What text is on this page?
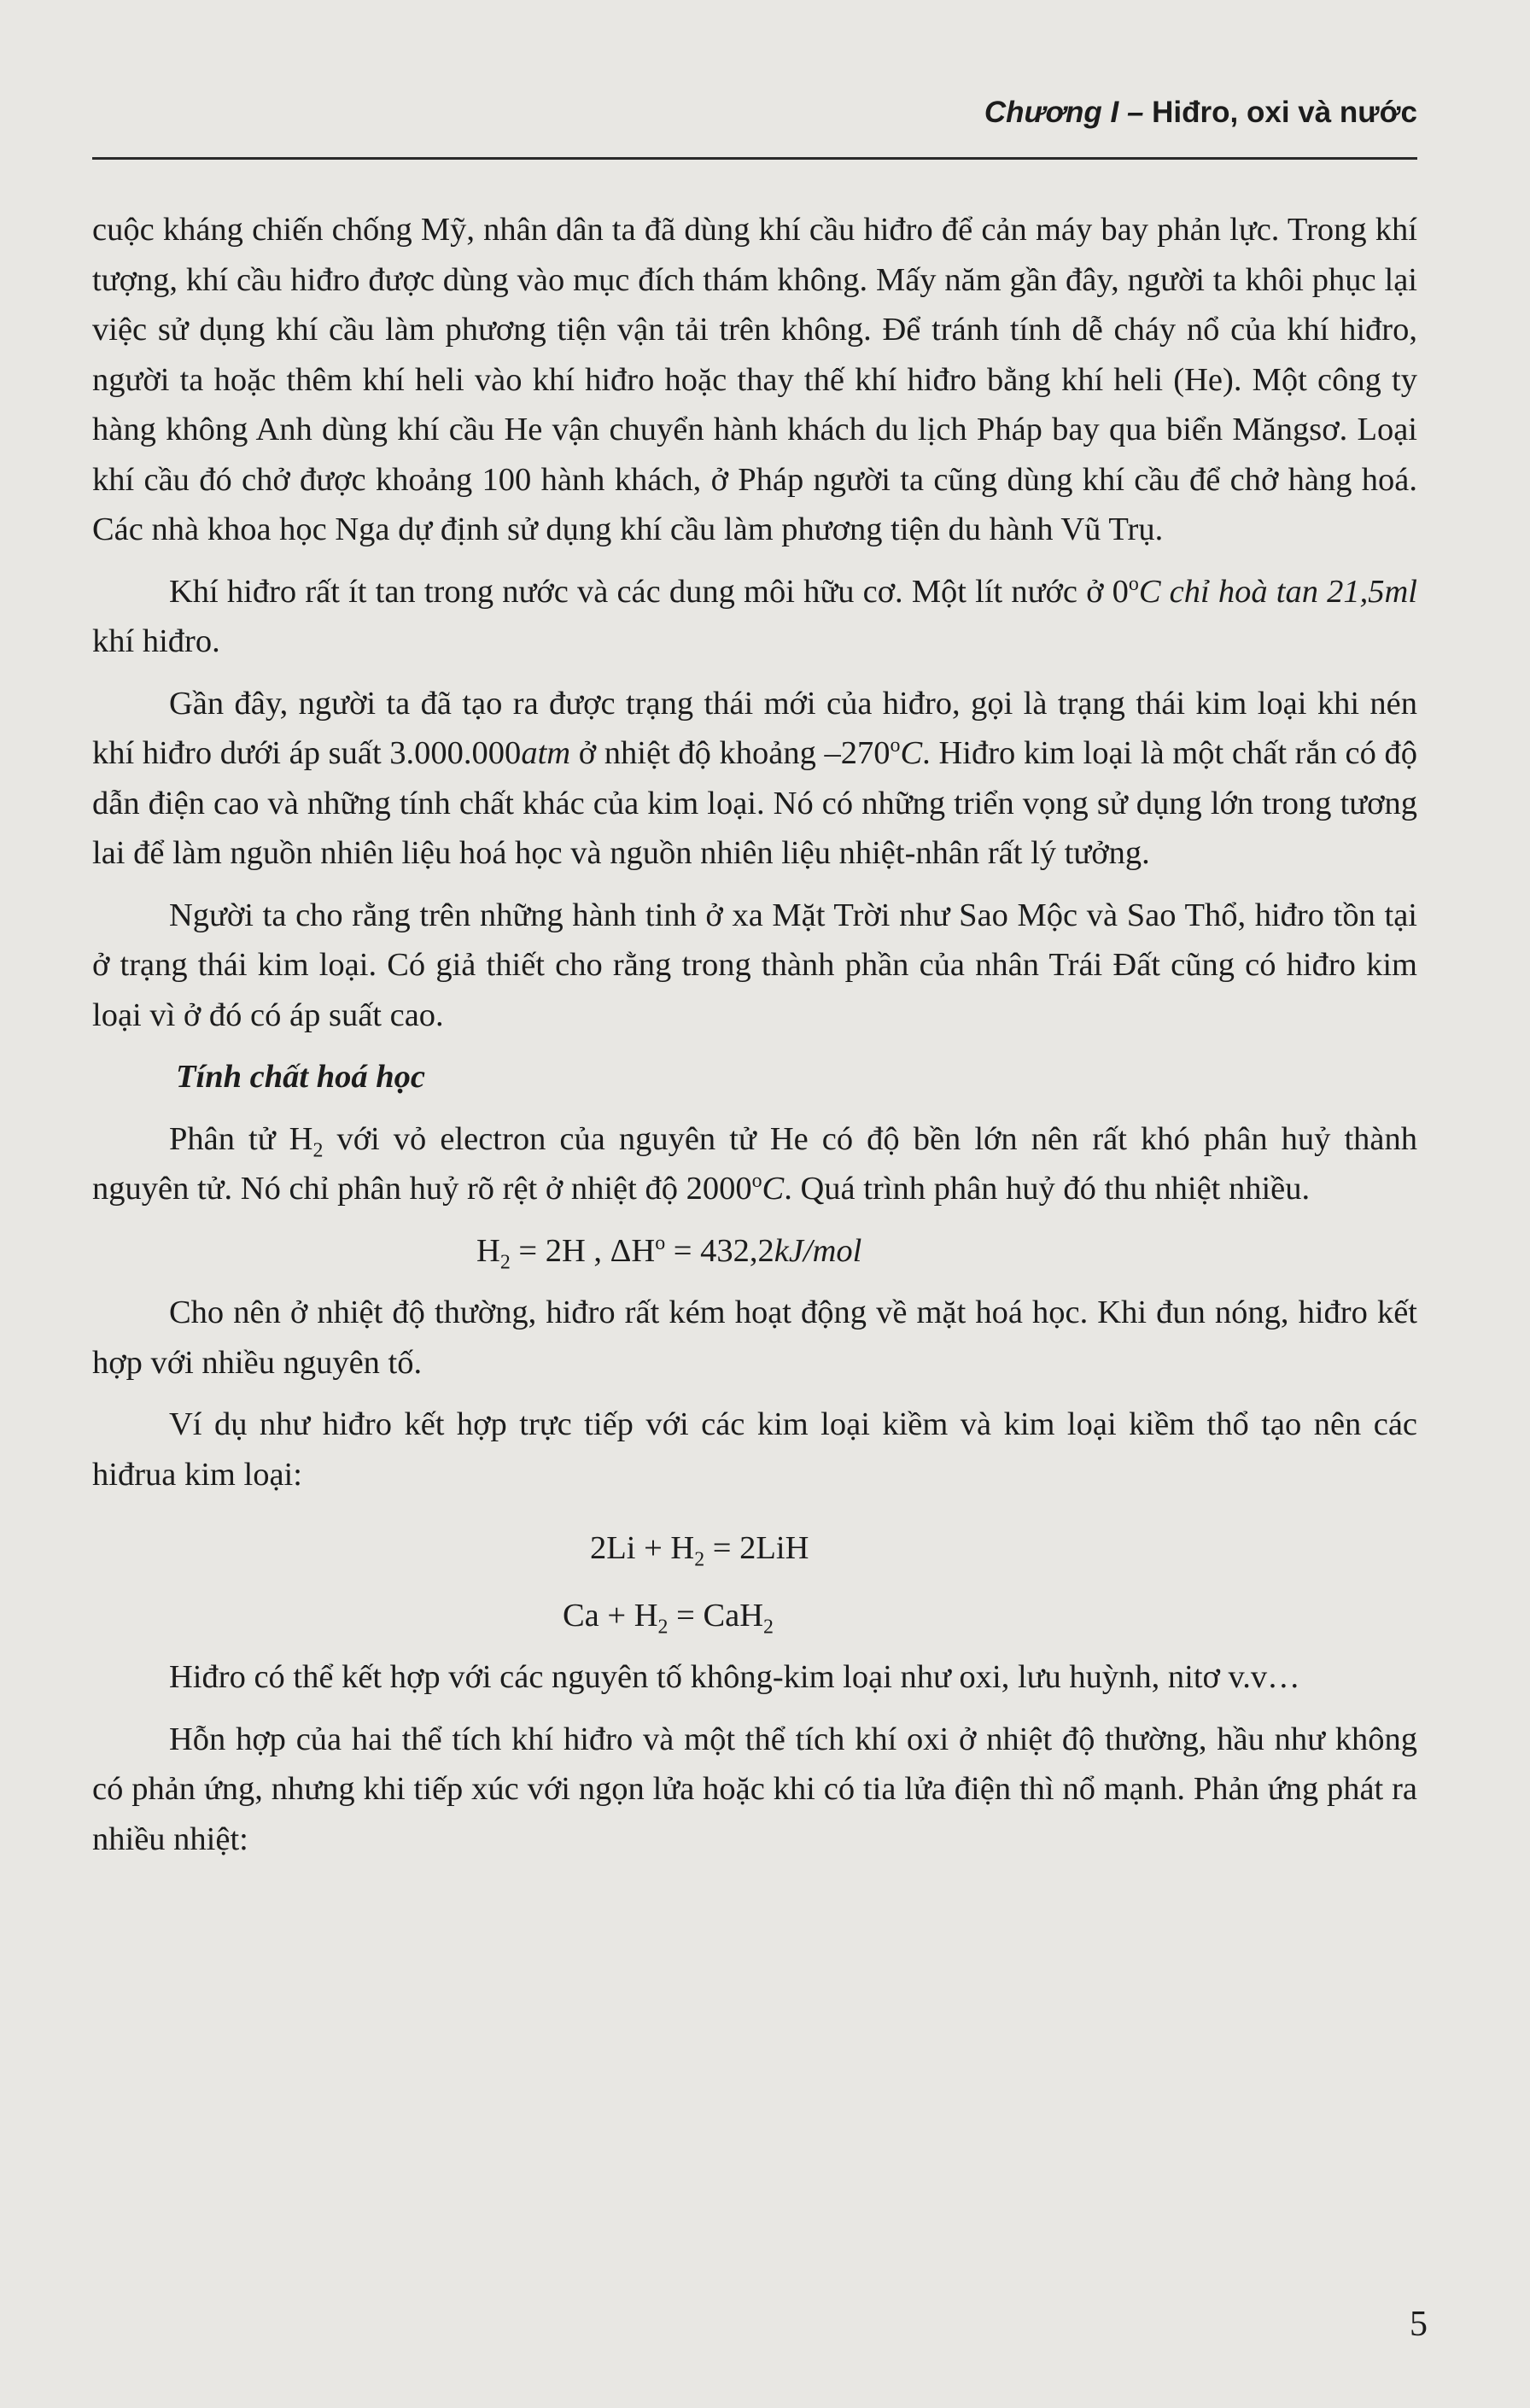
Chương I – Hiđro, oxi và nước

cuộc kháng chiến chống Mỹ, nhân dân ta đã dùng khí cầu hiđro để cản máy bay phản lực. Trong khí tượng, khí cầu hiđro được dùng vào mục đích thám không. Mấy năm gần đây, người ta khôi phục lại việc sử dụng khí cầu làm phương tiện vận tải trên không. Để tránh tính dễ cháy nổ của khí hiđro, người ta hoặc thêm khí heli vào khí hiđro hoặc thay thế khí hiđro bằng khí heli (He). Một công ty hàng không Anh dùng khí cầu He vận chuyển hành khách du lịch Pháp bay qua biển Măngsơ. Loại khí cầu đó chở được khoảng 100 hành khách, ở Pháp người ta cũng dùng khí cầu để chở hàng hoá. Các nhà khoa học Nga dự định sử dụng khí cầu làm phương tiện du hành Vũ Trụ.

Khí hiđro rất ít tan trong nước và các dung môi hữu cơ. Một lít nước ở 0$^o$C chỉ hoà tan 21,5ml khí hiđro.

Gần đây, người ta đã tạo ra được trạng thái mới của hiđro, gọi là trạng thái kim loại khi nén khí hiđro dưới áp suất 3.000.000atm ở nhiệt độ khoảng –270$^o$C. Hiđro kim loại là một chất rắn có độ dẫn điện cao và những tính chất khác của kim loại. Nó có những triển vọng sử dụng lớn trong tương lai để làm nguồn nhiên liệu hoá học và nguồn nhiên liệu nhiệt-nhân rất lý tưởng.

Người ta cho rằng trên những hành tinh ở xa Mặt Trời như Sao Mộc và Sao Thổ, hiđro tồn tại ở trạng thái kim loại. Có giả thiết cho rằng trong thành phần của nhân Trái Đất cũng có hiđro kim loại vì ở đó có áp suất cao.

Tính chất hoá học

Phân tử $H_2$ với vỏ electron của nguyên tử He có độ bền lớn nên rất khó phân huỷ thành nguyên tử. Nó chỉ phân huỷ rõ rệt ở nhiệt độ 2000$^o$C. Quá trình phân huỷ đó thu nhiệt nhiều.

$H_2 = 2H$ , $\Delta H^o = 432,2kJ/mol$

Cho nên ở nhiệt độ thường, hiđro rất kém hoạt động về mặt hoá học. Khi đun nóng, hiđro kết hợp với nhiều nguyên tố.

Ví dụ như hiđro kết hợp trực tiếp với các kim loại kiềm và kim loại kiềm thổ tạo nên các hiđrua kim loại:

$2Li + H_2 = 2LiH$

$Ca + H_2 = CaH_2$

Hiđro có thể kết hợp với các nguyên tố không-kim loại như oxi, lưu huỳnh, nitơ v.v…

Hỗn hợp của hai thể tích khí hiđro và một thể tích khí oxi ở nhiệt độ thường, hầu như không có phản ứng, nhưng khi tiếp xúc với ngọn lửa hoặc khi có tia lửa điện thì nổ mạnh. Phản ứng phát ra nhiều nhiệt:

5
